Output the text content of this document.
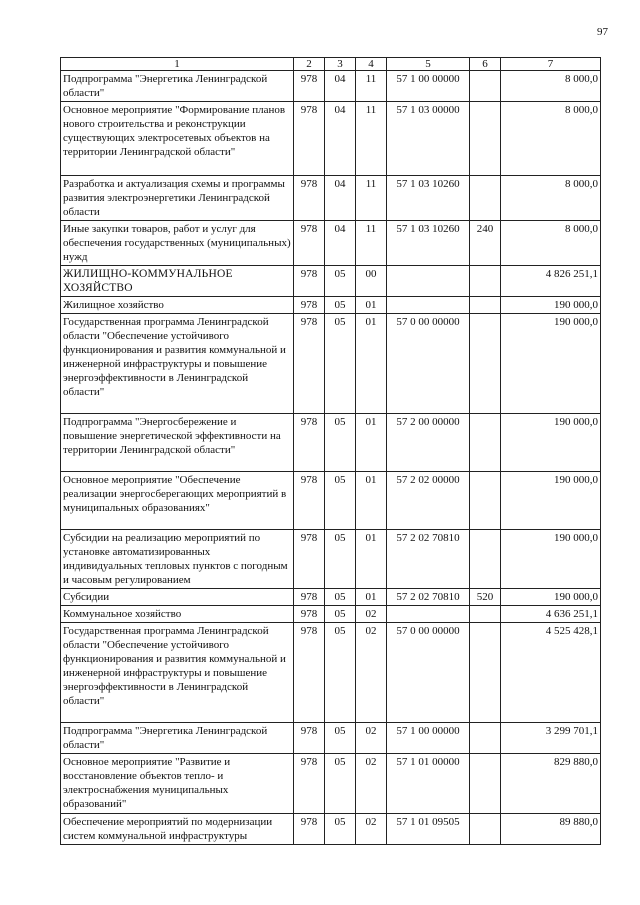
97
1	2	3	4	5	6	7
Подпрограмма "Энергетика Ленинградской области"	978	04	11	57 1 00 00000		8 000,0
Основное мероприятие "Формирование планов нового строительства и реконструкции существующих электросетевых объектов на территории Ленинградской области"	978	04	11	57 1 03 00000		8 000,0
Разработка и актуализация схемы и программы развития электроэнергетики Ленинградской области	978	04	11	57 1 03 10260		8 000,0
Иные закупки товаров, работ и услуг для обеспечения государственных (муниципальных) нужд	978	04	11	57 1 03 10260	240	8 000,0
ЖИЛИЩНО-КОММУНАЛЬНОЕ ХОЗЯЙСТВО	978	05	00			4 826 251,1
Жилищное хозяйство	978	05	01			190 000,0
Государственная программа Ленинградской области "Обеспечение устойчивого функционирования и развития коммунальной и инженерной инфраструктуры и повышение энергоэффективности в Ленинградской области"	978	05	01	57 0 00 00000		190 000,0
Подпрограмма "Энергосбережение и повышение энергетической эффективности на территории Ленинградской области"	978	05	01	57 2 00 00000		190 000,0
Основное мероприятие "Обеспечение реализации энергосберегающих мероприятий в муниципальных образованиях"	978	05	01	57 2 02 00000		190 000,0
Субсидии на реализацию мероприятий по установке автоматизированных индивидуальных тепловых пунктов с погодным и часовым регулированием	978	05	01	57 2 02 70810		190 000,0
Субсидии	978	05	01	57 2 02 70810	520	190 000,0
Коммунальное хозяйство	978	05	02			4 636 251,1
Государственная программа Ленинградской области "Обеспечение устойчивого функционирования и развития коммунальной и инженерной инфраструктуры и повышение энергоэффективности в Ленинградской области"	978	05	02	57 0 00 00000		4 525 428,1
Подпрограмма "Энергетика Ленинградской области"	978	05	02	57 1 00 00000		3 299 701,1
Основное мероприятие "Развитие и восстановление объектов тепло- и электроснабжения муниципальных образований"	978	05	02	57 1 01 00000		829 880,0
Обеспечение мероприятий по модернизации систем коммунальной инфраструктуры	978	05	02	57 1 01 09505		89 880,0
